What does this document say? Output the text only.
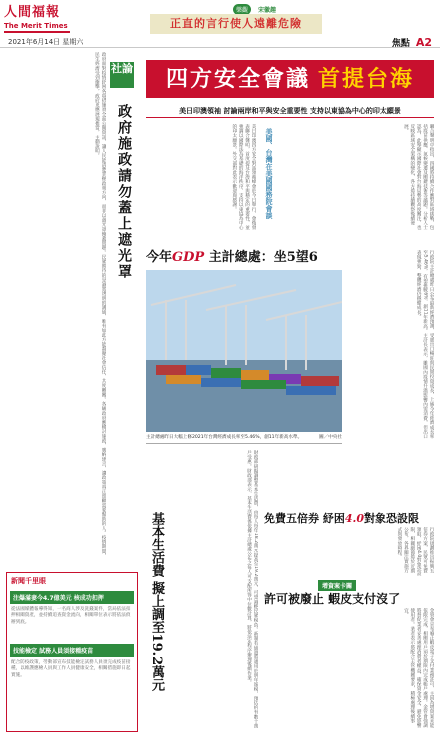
人間福報
The Merit Times
2021年6月14日 星期六
樂觀	宋徽趣
正直的言行使人遠離危險
焦點 A2

政府面對疫情紓困各項措施須全面公開資訊，讓人民能清楚掌握政策方向，而非以遮光罩掩蓋問題。民眾期待的是誠實透明的溝通，唯有如此方能凝聚社會信任，共度難關。各級政府應檢討施政，廣納建言，讓政策真正照顧需要幫助的人。疫情期間，民生經濟受到衝擊，政府更應展現擔當，主動說明。	社論
政府施政請勿蓋上遮光罩
新聞千里眼
注爆滿妻今4.7億美元 核成功扣押
從法國媒體報導得知，一名商人涉及洗錢案件，當局依法扣押相關資產，並持續追查資金流向，相關單位表示將依法偵辦到底。
技能檢定 試務人員須接種疫苗
配合防疫政策，勞動部宣布技能檢定試務人員須完成疫苗接種，以維護應檢人員與工作人員健康安全，相關措施即日起實施。
四方安全會議 首提台海
美日印澳領袖 討論兩岸和平與安全重要性 支持以東協為中心的印太願景
美日印澳四方安全對話領袖峰會於今日舉行，會後發表聯合聲明，首度提及台海和平與穩定的重要性，並強調以國際法為基礎的海洋秩序，支持以東協為中心的印太願景。外交部對此表示歡迎與感謝。	美國、台灣在美國國務院會談	聯合聲明中指出，四國將持續合作應對區域挑戰，包括疫苗供應、氣候變遷及關鍵技術等議題。分析人士認為，此舉顯示國際社會對台海局勢的高度關注，也反映區域安全架構的變化，各方將持續觀察後續發展。
今年GDP 主計總處：坐5望6
主計總處昨日大幅上修2021年台灣經濟成長率至5.46%，創11年新高水準。	圖／中央社	行政院主計總處昨日公布最新經濟預測，受惠出口暢旺與民間投資成長，上修今年經濟成長率至5.46%，有望挑戰6%，創11年新高。主計長表示，雖國內疫情升溫影響內需消費，但出口表現強勁，整體經濟仍穩健成長。
基本生活費 擬上調至19.2萬元	財政部研擬調整基本生活費，由每人每年18.2萬元提高至19.2萬元，可望減輕民眾稅負。新制若通過將適用於明年報稅，預估約有數十萬戶受惠。財政部表示，基本生活費係依據主計總處公布之每人可支配所得中位數計算，將依法定程序辦理後續作業。	免費五倍券 紓困4.0對象恐設限
行政院規劃推出振興五倍券方案，民眾可免費領取，紓困4.0對象恐設限，相關細節將於近期公布，各界關注實施方式與發放時程。
增資案卡關
許可被廢止 蝦皮支付沒了
金管會宣布廢止蝦皮電子支付業務許可，主因為增資案未能依限完成，相關用戶須於期限內完成帳戶處理。金管會強調將督促業者妥善處理消費者權益，確保資金安全，避免影響使用者。業者表示將配合主管機關要求，積極處理後續事宜。
